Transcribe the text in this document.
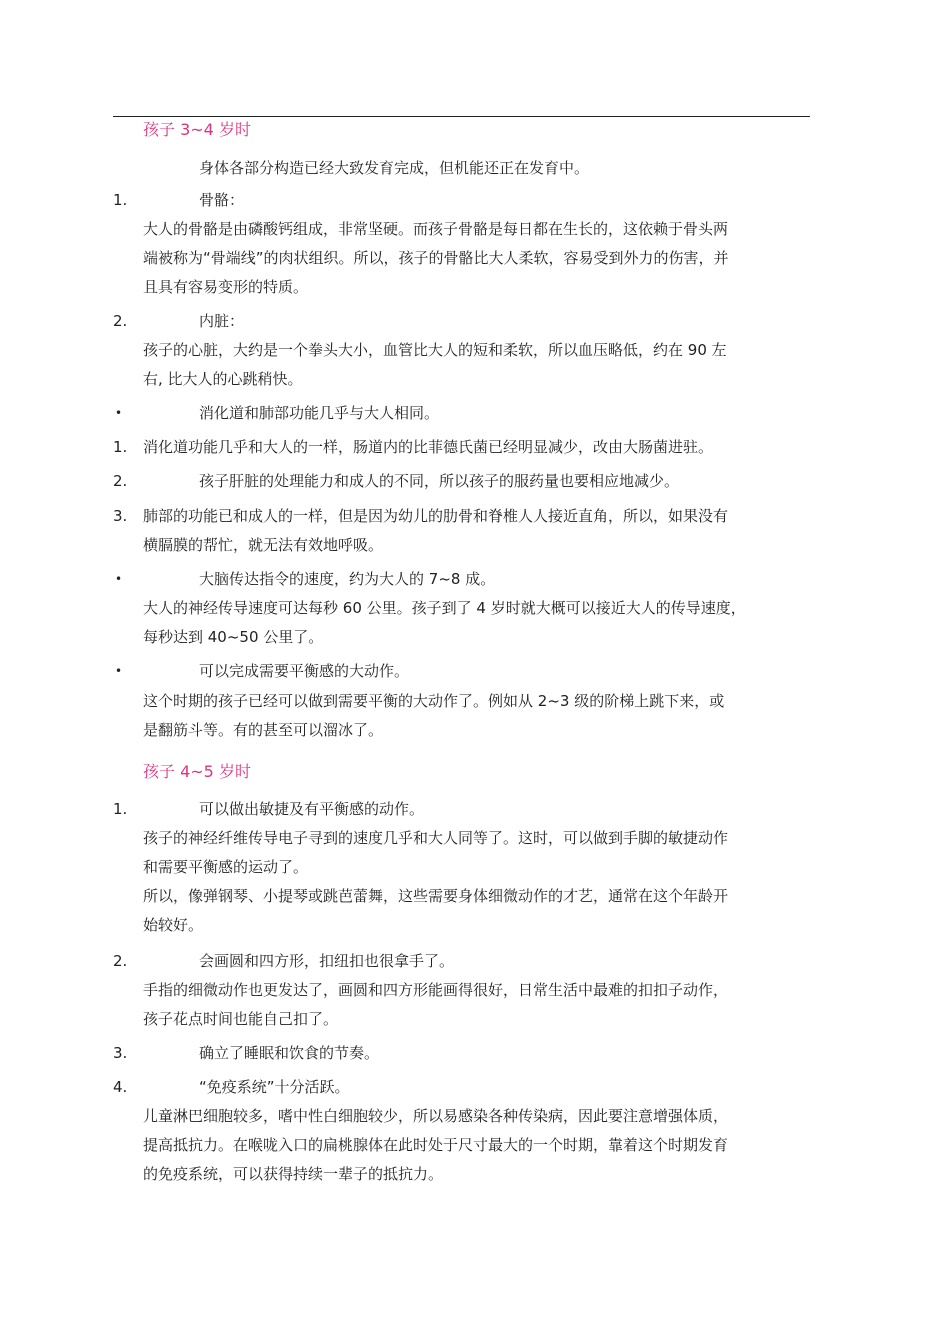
孩子 3~4 岁时
身体各部分构造已经大致发育完成，但机能还正在发育中。
1.	骨骼：
大人的骨骼是由磷酸钙组成，非常坚硬。而孩子骨骼是每日都在生长的，这依赖于骨头两
端被称为“骨端线”的肉状组织。所以，孩子的骨骼比大人柔软，容易受到外力的伤害，并
且具有容易变形的特质。
2.	内脏：
孩子的心脏，大约是一个拳头大小，血管比大人的短和柔软，所以血压略低，约在 90 左
右, 比大人的心跳稍快。
•	消化道和肺部功能几乎与大人相同。
1. 消化道功能几乎和大人的一样，肠道内的比菲德氏菌已经明显减少，改由大肠菌进驻。
2.	孩子肝脏的处理能力和成人的不同，所以孩子的服药量也要相应地减少。
3. 肺部的功能已和成人的一样，但是因为幼儿的肋骨和脊椎人人接近直角，所以，如果没有
横膈膜的帮忙，就无法有效地呼吸。
•	大脑传达指令的速度，约为大人的 7~8 成。
大人的神经传导速度可达每秒 60 公里。孩子到了 4 岁时就大概可以接近大人的传导速度，
每秒达到 40~50 公里了。
•	可以完成需要平衡感的大动作。
这个时期的孩子已经可以做到需要平衡的大动作了。例如从 2~3 级的阶梯上跳下来，或
是翻筋斗等。有的甚至可以溜冰了。
孩子 4~5 岁时
1.	可以做出敏捷及有平衡感的动作。
孩子的神经纤维传导电子寻到的速度几乎和大人同等了。这时，可以做到手脚的敏捷动作
和需要平衡感的运动了。
所以，像弹钢琴、小提琴或跳芭蕾舞，这些需要身体细微动作的才艺，通常在这个年龄开
始较好。
2.	会画圆和四方形，扣纽扣也很拿手了。
手指的细微动作也更发达了，画圆和四方形能画得很好，日常生活中最难的扣扣子动作，
孩子花点时间也能自己扣了。
3.	确立了睡眠和饮食的节奏。
4.	“免疫系统”十分活跃。
儿童淋巴细胞较多，嗜中性白细胞较少，所以易感染各种传染病，因此要注意增强体质，
提高抵抗力。在喉咙入口的扁桃腺体在此时处于尺寸最大的一个时期，靠着这个时期发育
的免疫系统，可以获得持续一辈子的抵抗力。
